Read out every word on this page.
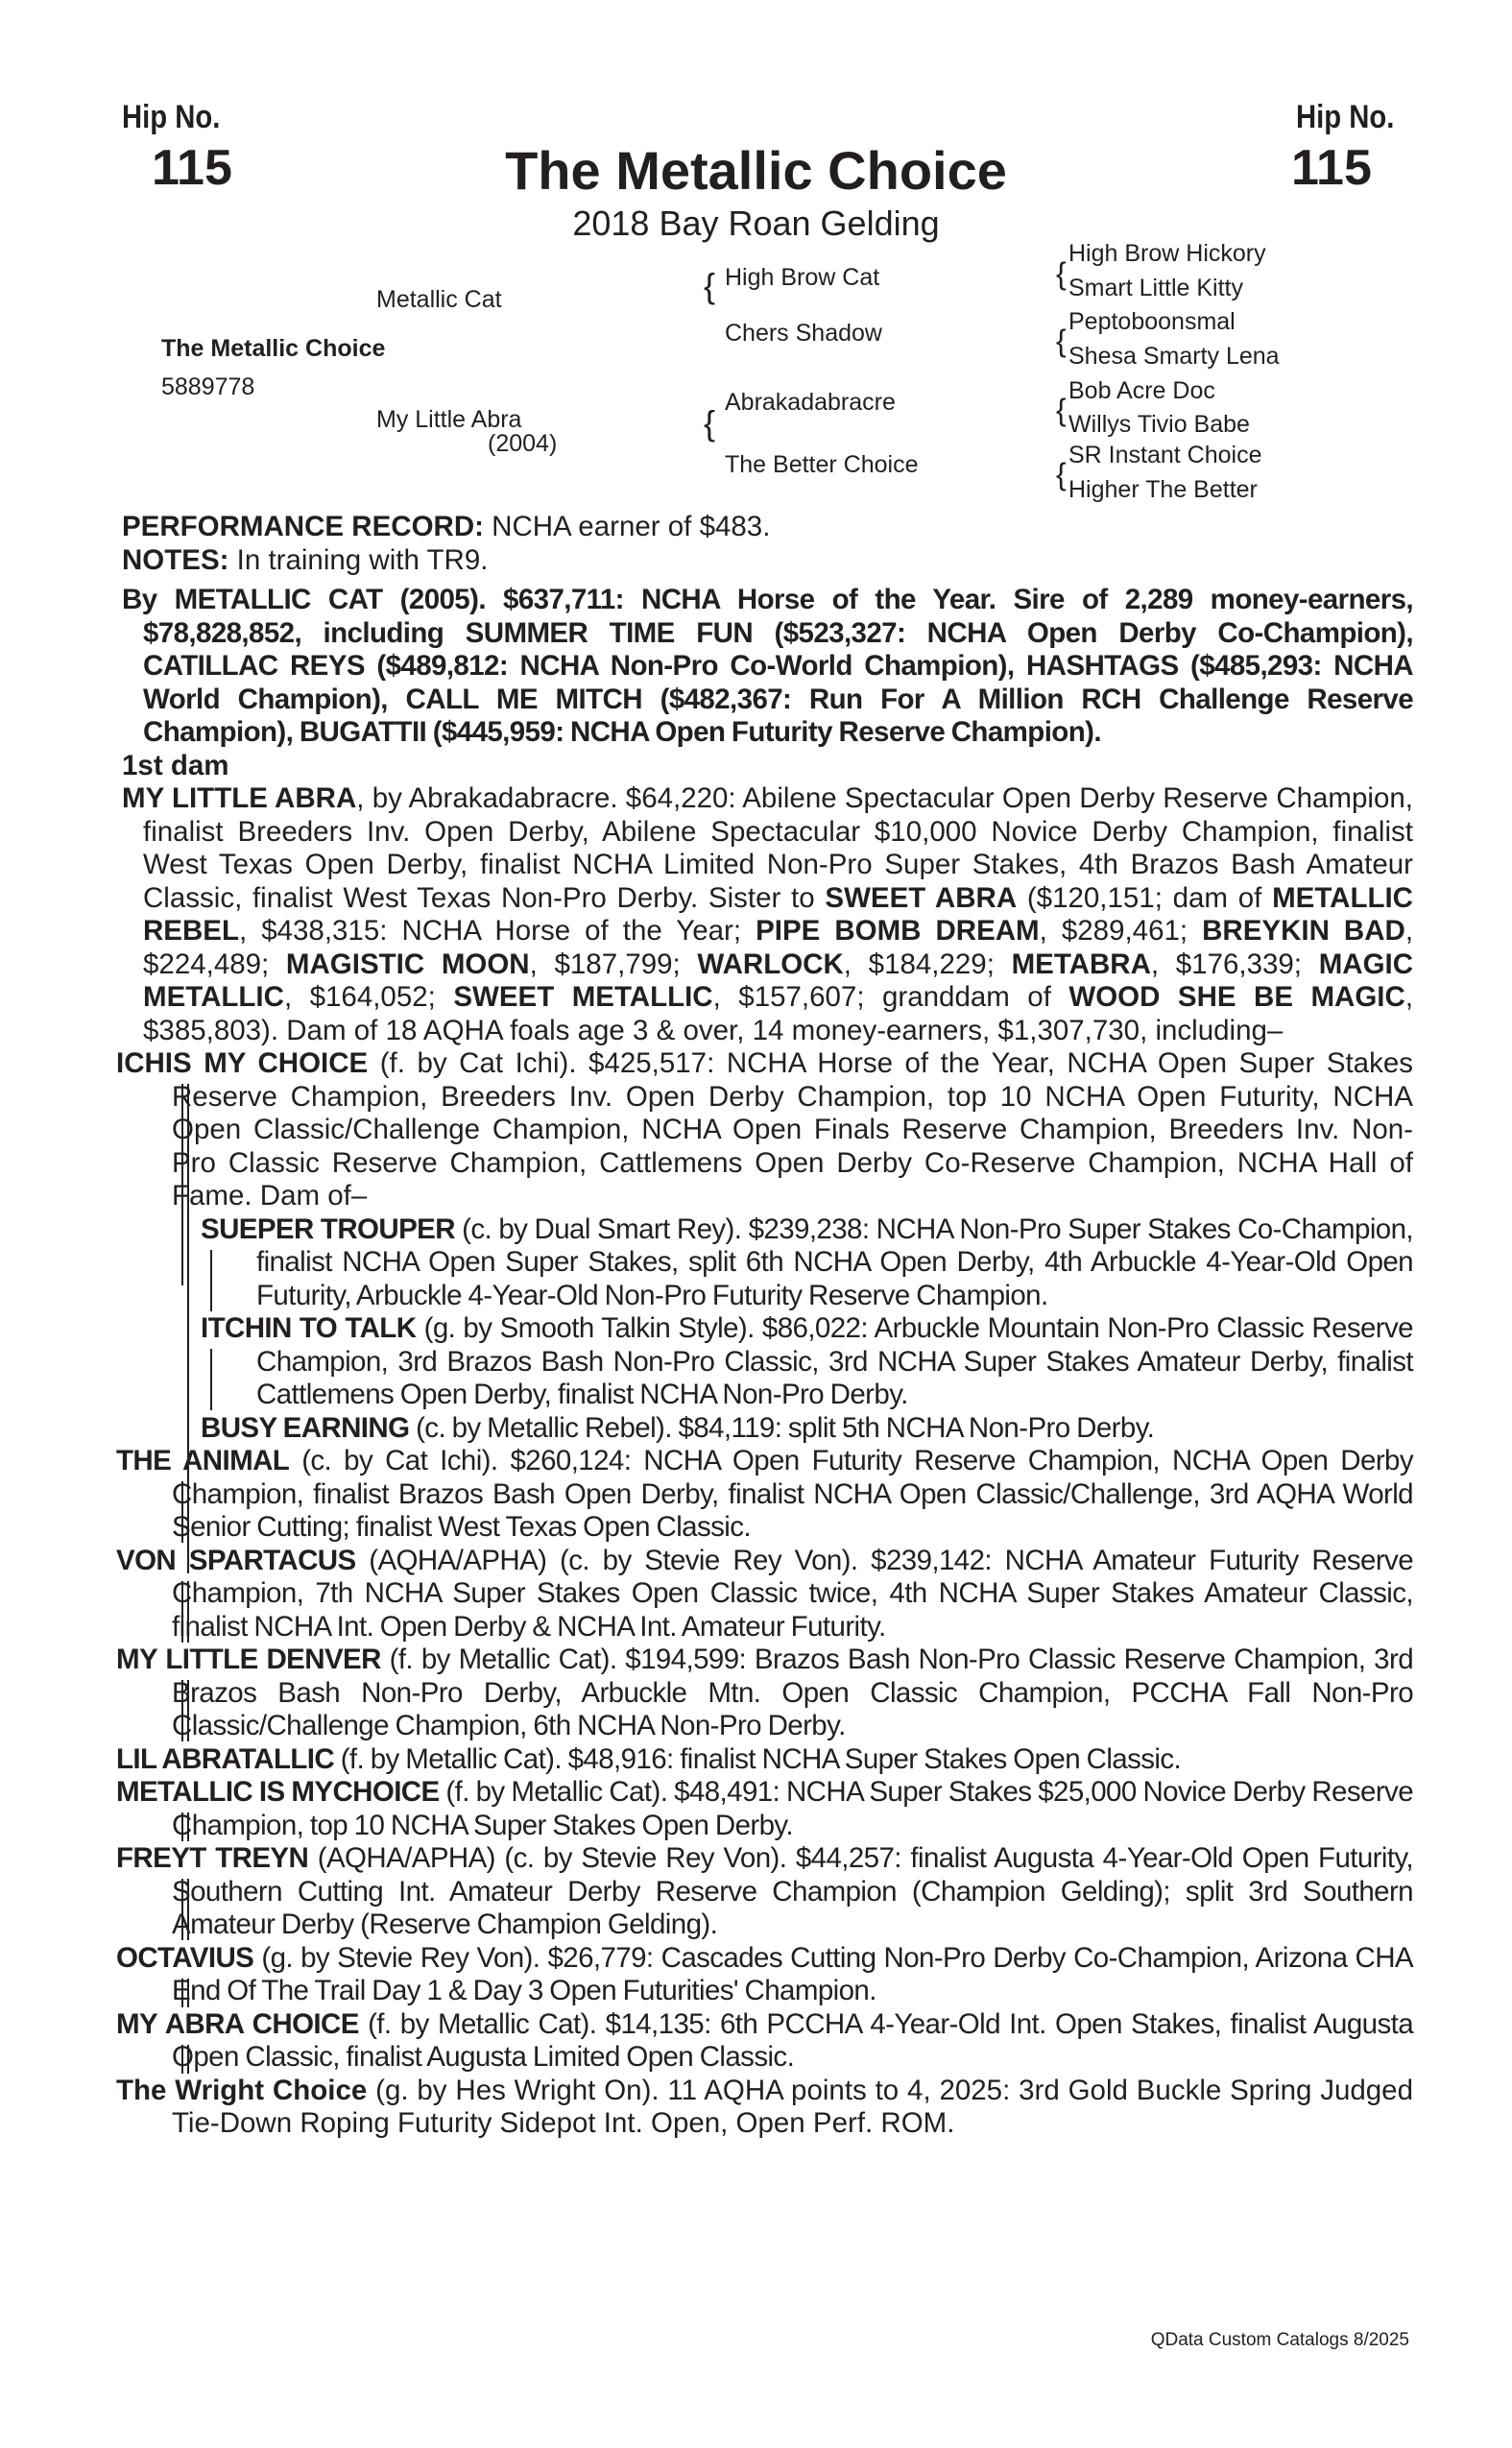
Hip No.
115
Hip No.
115
The Metallic Choice
2018 Bay Roan Gelding
Metallic Cat
The Metallic Choice
5889778
My Little Abra
(2004)
{ High Brow Cat
Chers Shadow
{
Abrakadabracre
The Better Choice
{
High Brow Hickory
Smart Little Kitty
{
Peptoboonsmal
Shesa Smarty Lena
{
Bob Acre Doc
Willys Tivio Babe
{
SR Instant Choice
Higher The Better

PERFORMANCE RECORD: NCHA earner of $483.

NOTES: In training with TR9.

By METALLIC CAT (2005). $637,711: NCHA Horse of the Year. Sire of 2,289 money-earners, $78,828,852, including SUMMER TIME FUN ($523,327: NCHA Open Derby Co-Champion), CATILLAC REYS ($489,812: NCHA Non-Pro Co-World Champion), HASHTAGS ($485,293: NCHA World Champion), CALL ME MITCH ($482,367: Run For A Million RCH Challenge Reserve Champion), BUGATTII ($445,959: NCHA Open Futurity Reserve Champion).

1st dam

MY LITTLE ABRA, by Abrakadabracre. $64,220: Abilene Spectacular Open Derby Reserve Champion, finalist Breeders Inv. Open Derby, Abilene Spectacular $10,000 Novice Derby Champion, finalist West Texas Open Derby, finalist NCHA Limited Non-Pro Super Stakes, 4th Brazos Bash Amateur Classic, finalist West Texas Non-Pro Derby. Sister to SWEET ABRA ($120,151; dam of METALLIC REBEL, $438,315: NCHA Horse of the Year; PIPE BOMB DREAM, $289,461; BREYKIN BAD, $224,489; MAGISTIC MOON, $187,799; WARLOCK, $184,229; METABRA, $176,339; MAGIC METALLIC, $164,052; SWEET METALLIC, $157,607; granddam of WOOD SHE BE MAGIC, $385,803). Dam of 18 AQHA foals age 3 & over, 14 money-earners, $1,307,730, including–

ICHIS MY CHOICE (f. by Cat Ichi). $425,517: NCHA Horse of the Year, NCHA Open Super Stakes Reserve Champion, Breeders Inv. Open Derby Champion, top 10 NCHA Open Futurity, NCHA Open Classic/Challenge Champion, NCHA Open Finals Reserve Champion, Breeders Inv. Non-Pro Classic Reserve Champion, Cattlemens Open Derby Co-Reserve Champion, NCHA Hall of Fame. Dam of–

SUEPER TROUPER (c. by Dual Smart Rey). $239,238: NCHA Non-Pro Super Stakes Co-Champion, finalist NCHA Open Super Stakes, split 6th NCHA Open Derby, 4th Arbuckle 4-Year-Old Open Futurity, Arbuckle 4-Year-Old Non-Pro Futurity Reserve Champion.

ITCHIN TO TALK (g. by Smooth Talkin Style). $86,022: Arbuckle Mountain Non-Pro Classic Reserve Champion, 3rd Brazos Bash Non-Pro Classic, 3rd NCHA Super Stakes Amateur Derby, finalist Cattlemens Open Derby, finalist NCHA Non-Pro Derby.

BUSY EARNING (c. by Metallic Rebel). $84,119: split 5th NCHA Non-Pro Derby.

THE ANIMAL (c. by Cat Ichi). $260,124: NCHA Open Futurity Reserve Champion, NCHA Open Derby Champion, finalist Brazos Bash Open Derby, finalist NCHA Open Classic/Challenge, 3rd AQHA World Senior Cutting; finalist West Texas Open Classic.

VON SPARTACUS (AQHA/APHA) (c. by Stevie Rey Von). $239,142: NCHA Amateur Futurity Reserve Champion, 7th NCHA Super Stakes Open Classic twice, 4th NCHA Super Stakes Amateur Classic, finalist NCHA Int. Open Derby & NCHA Int. Amateur Futurity.

MY LITTLE DENVER (f. by Metallic Cat). $194,599: Brazos Bash Non-Pro Classic Reserve Champion, 3rd Brazos Bash Non-Pro Derby, Arbuckle Mtn. Open Classic Champion, PCCHA Fall Non-Pro Classic/Challenge Champion, 6th NCHA Non-Pro Derby.

LIL ABRATALLIC (f. by Metallic Cat). $48,916: finalist NCHA Super Stakes Open Classic.

METALLIC IS MYCHOICE (f. by Metallic Cat). $48,491: NCHA Super Stakes $25,000 Novice Derby Reserve Champion, top 10 NCHA Super Stakes Open Derby.

FREYT TREYN (AQHA/APHA) (c. by Stevie Rey Von). $44,257: finalist Augusta 4-Year-Old Open Futurity, Southern Cutting Int. Amateur Derby Reserve Champion (Champion Gelding); split 3rd Southern Amateur Derby (Reserve Champion Gelding).

OCTAVIUS (g. by Stevie Rey Von). $26,779: Cascades Cutting Non-Pro Derby Co-Champion, Arizona CHA End Of The Trail Day 1 & Day 3 Open Futurities' Champion.

MY ABRA CHOICE (f. by Metallic Cat). $14,135: 6th PCCHA 4-Year-Old Int. Open Stakes, finalist Augusta Open Classic, finalist Augusta Limited Open Classic.

The Wright Choice (g. by Hes Wright On). 11 AQHA points to 4, 2025: 3rd Gold Buckle Spring Judged Tie-Down Roping Futurity Sidepot Int. Open, Open Perf. ROM.

QData Custom Catalogs 8/2025
